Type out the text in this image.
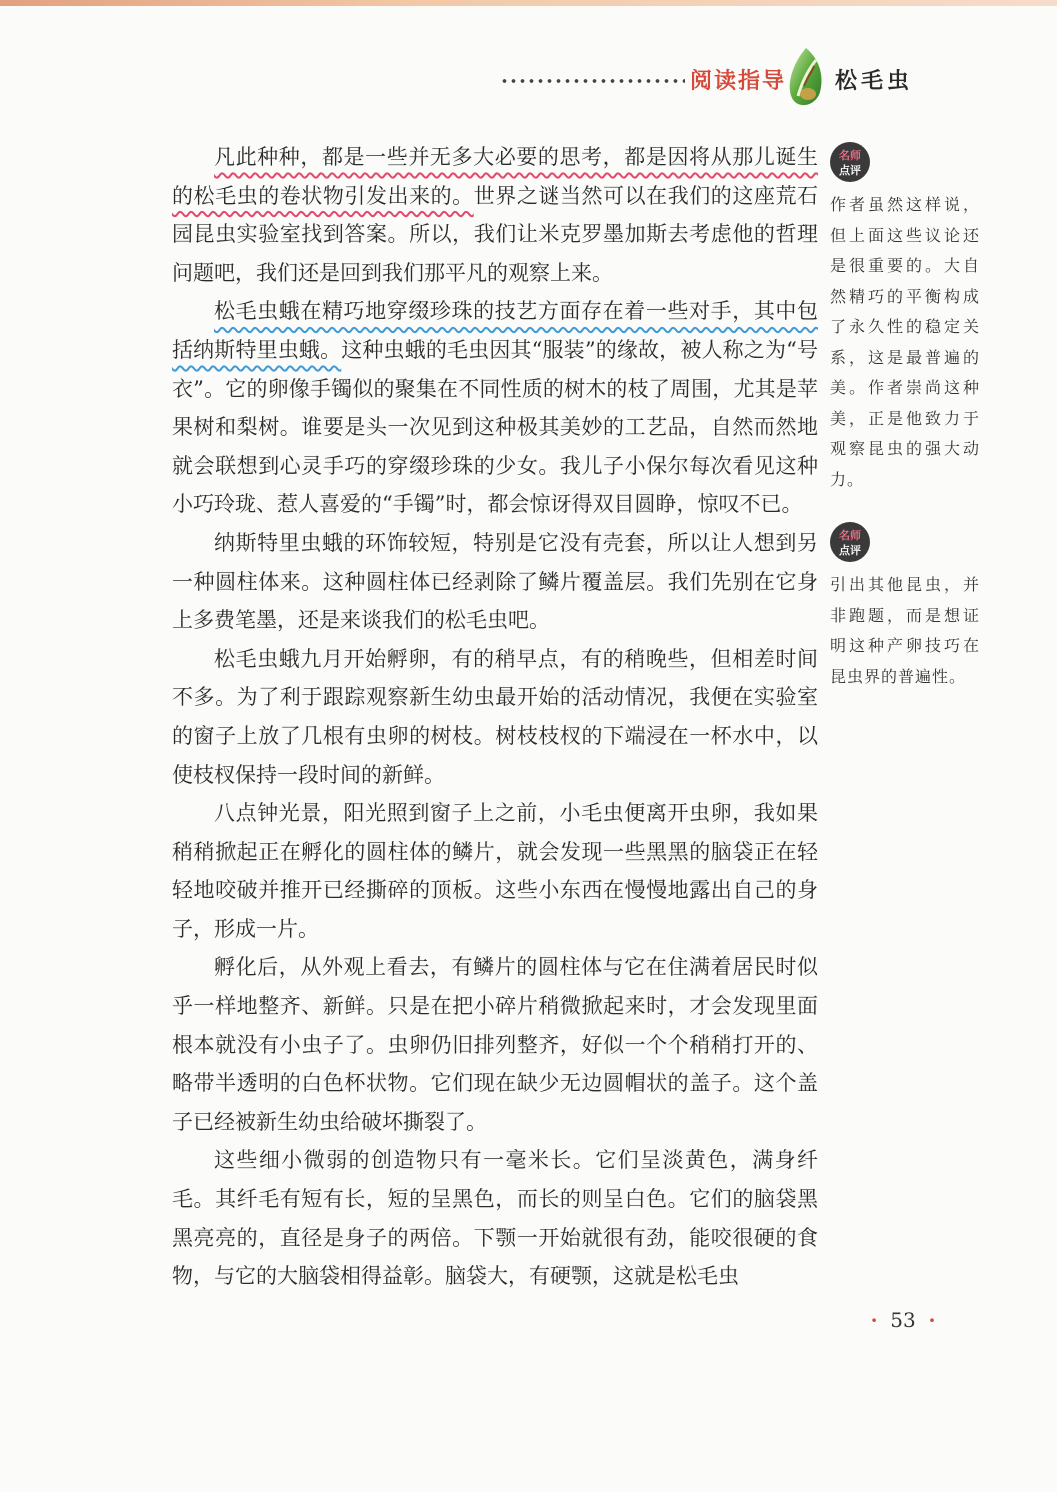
阅读指导 松毛虫

凡此种种，都是一些并无多大必要的思考，都是因将从那儿诞生的松毛虫的卷状物引发出来的。世界之谜当然可以在我们的这座荒石园昆虫实验室找到答案。所以，我们让米克罗墨加斯去考虑他的哲理问题吧，我们还是回到我们那平凡的观察上来。

松毛虫蛾在精巧地穿缀珍珠的技艺方面存在着一些对手，其中包括纳斯特里虫蛾。这种虫蛾的毛虫因其“服装”的缘故，被人称之为“号衣”。它的卵像手镯似的聚集在不同性质的树木的枝了周围，尤其是苹果树和梨树。谁要是头一次见到这种极其美妙的工艺品，自然而然地就会联想到心灵手巧的穿缀珍珠的少女。我儿子小保尔每次看见这种小巧玲珑、惹人喜爱的“手镯”时，都会惊讶得双目圆睁，惊叹不已。

纳斯特里虫蛾的环饰较短，特别是它没有壳套，所以让人想到另一种圆柱体来。这种圆柱体已经剥除了鳞片覆盖层。我们先别在它身上多费笔墨，还是来谈我们的松毛虫吧。

松毛虫蛾九月开始孵卵，有的稍早点，有的稍晚些，但相差时间不多。为了利于跟踪观察新生幼虫最开始的活动情况，我便在实验室的窗子上放了几根有虫卵的树枝。树枝枝杈的下端浸在一杯水中，以使枝杈保持一段时间的新鲜。

八点钟光景，阳光照到窗子上之前，小毛虫便离开虫卵，我如果稍稍掀起正在孵化的圆柱体的鳞片，就会发现一些黑黑的脑袋正在轻轻地咬破并推开已经撕碎的顶板。这些小东西在慢慢地露出自己的身子，形成一片。

孵化后，从外观上看去，有鳞片的圆柱体与它在住满着居民时似乎一样地整齐、新鲜。只是在把小碎片稍微掀起来时，才会发现里面根本就没有小虫子了。虫卵仍旧排列整齐，好似一个个稍稍打开的、略带半透明的白色杯状物。它们现在缺少无边圆帽状的盖子。这个盖子已经被新生幼虫给破坏撕裂了。

这些细小微弱的创造物只有一毫米长。它们呈淡黄色，满身纤毛。其纤毛有短有长，短的呈黑色，而长的则呈白色。它们的脑袋黑黑亮亮的，直径是身子的两倍。下颚一开始就很有劲，能咬很硬的食物，与它的大脑袋相得益彰。脑袋大，有硬颚，这就是松毛虫

名师
点评
作者虽然这样说，但上面这些议论还是很重要的。大自然精巧的平衡构成了永久性的稳定关系，这是最普遍的美。作者崇尚这种美，正是他致力于观察昆虫的强大动力。
名师
点评
引出其他昆虫，并非跑题，而是想证明这种产卵技巧在昆虫界的普遍性。
· 53 ·
